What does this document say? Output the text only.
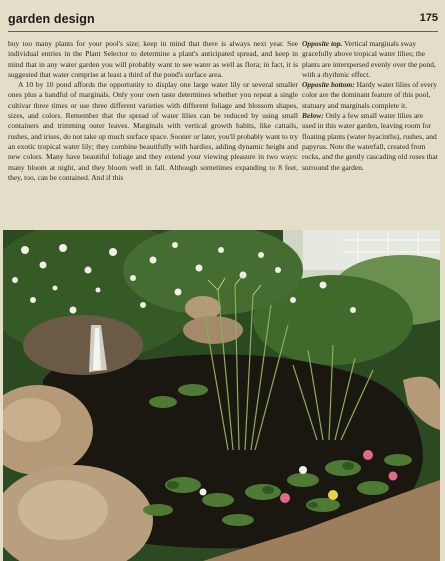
garden design	175

buy too many plants for your pool's size; keep in mind that there is always next year. See individual entries in the Plant Selector to determine a plant's anticipated spread, and keep in mind that in any water garden you will probably want to see water as well as flora; in fact, it is suggested that water comprise at least a third of the pond's surface area.

A 10 by 10 pond affords the opportunity to display one large water lily or several smaller ones plus a handful of marginals. Only your own taste determines whether you repeat a single cultivar three times or use three different varieties with different foliage and blossom shapes, sizes, and colors. Remember that the spread of water lilies can be reduced by using small containers and trimming outer leaves. Marginals with vertical growth habits, like cattails, rushes, and irises, do not take up much surface space. Sooner or later, you'll probably want to try an exotic tropical water lily; they combine beautifully with hardies, adding dynamic height and new colors. Many have beautiful foliage and they extend your viewing pleasure in two ways: many bloom at night, and they bloom well in fall. Although sometimes expanding to 8 feet, they, too, can be contained. And if this

Opposite top. Vertical marginals sway gracefully above tropical water lilies; the plants are interspersed evenly over the pond, with a rhythmic effect.

Opposite bottom: Hardy water lilies of every color are the dominant feature of this pool, statuary and marginals complete it.

Below: Only a few small water lilies are used in this water garden, leaving room for floating plants (water hyacinths), rushes, and papyrus. Note the waterfall, created from rocks, and the gently cascading old roses that surround the garden.
